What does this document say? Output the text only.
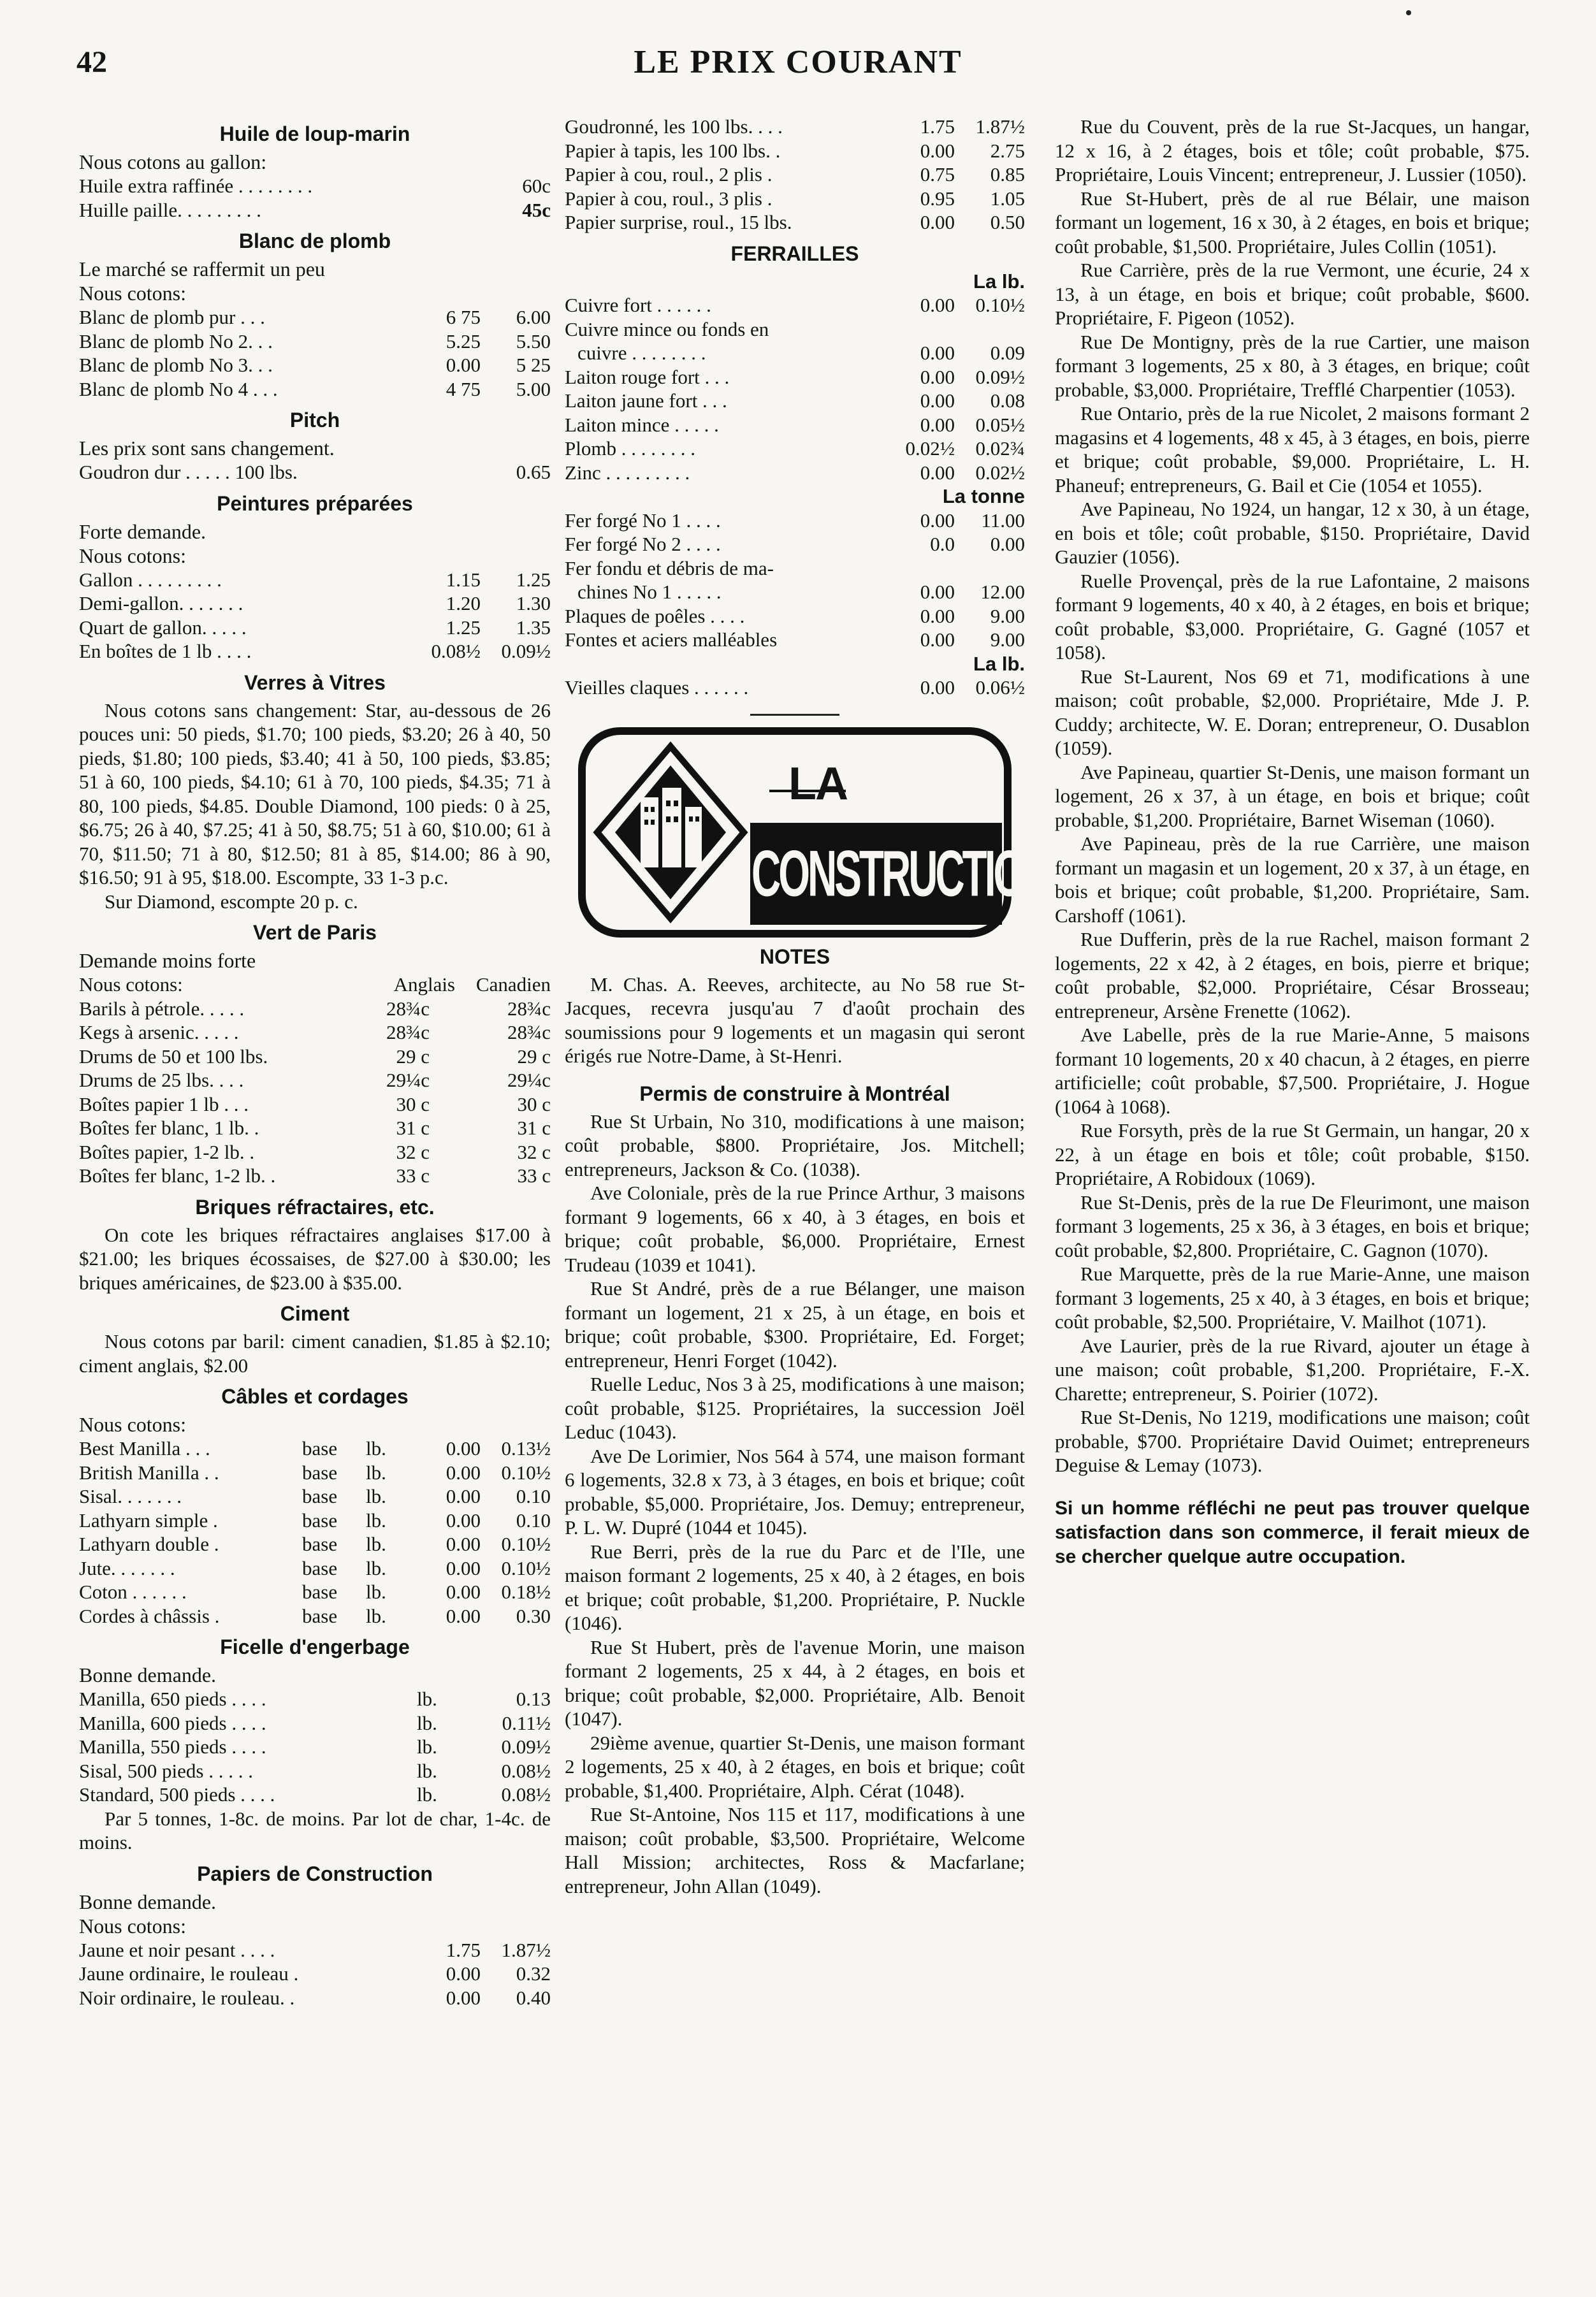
42	LE PRIX COURANT
Huile de loup-marin
Nous cotons au gallon:
Huile extra raffinée . . . . . . . .	60c
Huille paille. . . . . . . . .	45c
Blanc de plomb
Le marché se raffermit un peu
Nous cotons:
Blanc de plomb pur . . .	6 75	6.00
Blanc de plomb No 2. . .	5.25	5.50
Blanc de plomb No 3. . .	0.00	5 25
Blanc de plomb No 4 . . .	4 75	5.00
Pitch
Les prix sont sans changement.
Goudron dur . . . . . 100 lbs.	0.65
Peintures préparées
Forte demande.
Nous cotons:
Gallon . . . . . . . . .	1.15	1.25
Demi-gallon. . . . . . .	1.20	1.30
Quart de gallon. . . . .	1.25	1.35
En boîtes de 1 lb . . . .	0.08½	0.09½
Verres à Vitres

Nous cotons sans changement: Star, au-dessous de 26 pouces uni: 50 pieds, $1.70; 100 pieds, $3.20; 26 à 40, 50 pieds, $1.80; 100 pieds, $3.40; 41 à 50, 100 pieds, $3.85; 51 à 60, 100 pieds, $4.10; 61 à 70, 100 pieds, $4.35; 71 à 80, 100 pieds, $4.85. Double Diamond, 100 pieds: 0 à 25, $6.75; 26 à 40, $7.25; 41 à 50, $8.75; 51 à 60, $10.00; 61 à 70, $11.50; 71 à 80, $12.50; 81 à 85, $14.00; 86 à 90, $16.50; 91 à 95, $18.00. Escompte, 33 1-3 p.c.

Sur Diamond, escompte 20 p. c.

Vert de Paris
Demande moins forte
Nous cotons:	Anglais	Canadien
Barils à pétrole. . . . .	28¾c	28¾c
Kegs à arsenic. . . . .	28¾c	28¾c
Drums de 50 et 100 lbs.	29 c	29 c
Drums de 25 lbs. . . .	29¼c	29¼c
Boîtes papier 1 lb . . .	30 c	30 c
Boîtes fer blanc, 1 lb. .	31 c	31 c
Boîtes papier, 1-2 lb. .	32 c	32 c
Boîtes fer blanc, 1-2 lb. .	33 c	33 c
Briques réfractaires, etc.

On cote les briques réfractaires anglaises $17.00 à $21.00; les briques écossaises, de $27.00 à $30.00; les briques américaines, de $23.00 à $35.00.

Ciment

Nous cotons par baril: ciment canadien, $1.85 à $2.10; ciment anglais, $2.00

Câbles et cordages
Nous cotons:
Best Manilla . . .	base	lb.	0.00	0.13½
British Manilla . .	base	lb.	0.00	0.10½
Sisal. . . . . . .	base	lb.	0.00	0.10
Lathyarn simple .	base	lb.	0.00	0.10
Lathyarn double .	base	lb.	0.00	0.10½
Jute. . . . . . .	base	lb.	0.00	0.10½
Coton . . . . . .	base	lb.	0.00	0.18½
Cordes à châssis .	base	lb.	0.00	0.30
Ficelle d'engerbage
Bonne demande.
Manilla, 650 pieds . . . .	lb.	0.13
Manilla, 600 pieds . . . .	lb.	0.11½
Manilla, 550 pieds . . . .	lb.	0.09½
Sisal, 500 pieds . . . . .	lb.	0.08½
Standard, 500 pieds . . . .	lb.	0.08½

Par 5 tonnes, 1-8c. de moins. Par lot de char, 1-4c. de moins.

Papiers de Construction
Bonne demande.
Nous cotons:
Jaune et noir pesant . . . .	1.75	1.87½
Jaune ordinaire, le rouleau .	0.00	0.32
Noir ordinaire, le rouleau. .	0.00	0.40
Goudronné, les 100 lbs. . . .	1.75	1.87½
Papier à tapis, les 100 lbs. .	0.00	2.75
Papier à cou, roul., 2 plis .	0.75	0.85
Papier à cou, roul., 3 plis .	0.95	1.05
Papier surprise, roul., 15 lbs.	0.00	0.50
FERRAILLES
La lb.
Cuivre fort . . . . . .	0.00	0.10½
Cuivre mince ou fonds en
cuivre . . . . . . . .	0.00	0.09
Laiton rouge fort . . .	0.00	0.09½
Laiton jaune fort . . .	0.00	0.08
Laiton mince . . . . .	0.00	0.05½
Plomb . . . . . . . .	0.02½	0.02¾
Zinc . . . . . . . . .	0.00	0.02½
La tonne
Fer forgé No 1 . . . .	0.00	11.00
Fer forgé No 2 . . . .	0.0	0.00
Fer fondu et débris de ma-
chines No 1 . . . . .	0.00	12.00
Plaques de poêles . . . .	0.00	9.00
Fontes et aciers malléables	0.00	9.00
La lb.
Vieilles claques . . . . . .	0.00	0.06½
LA
CONSTRUCTION
NOTES

M. Chas. A. Reeves, architecte, au No 58 rue St-Jacques, recevra jusqu'au 7 d'août prochain des soumissions pour 9 logements et un magasin qui seront érigés rue Notre-Dame, à St-Henri.

Permis de construire à Montréal

Rue St Urbain, No 310, modifications à une maison; coût probable, $800. Propriétaire, Jos. Mitchell; entrepreneurs, Jackson & Co. (1038).

Ave Coloniale, près de la rue Prince Arthur, 3 maisons formant 9 logements, 66 x 40, à 3 étages, en bois et brique; coût probable, $6,000. Propriétaire, Ernest Trudeau (1039 et 1041).

Rue St André, près de a rue Bélanger, une maison formant un logement, 21 x 25, à un étage, en bois et brique; coût probable, $300. Propriétaire, Ed. Forget; entrepreneur, Henri Forget (1042).

Ruelle Leduc, Nos 3 à 25, modifications à une maison; coût probable, $125. Propriétaires, la succession Joël Leduc (1043).

Ave De Lorimier, Nos 564 à 574, une maison formant 6 logements, 32.8 x 73, à 3 étages, en bois et brique; coût probable, $5,000. Propriétaire, Jos. Demuy; entrepreneur, P. L. W. Dupré (1044 et 1045).

Rue Berri, près de la rue du Parc et de l'Ile, une maison formant 2 logements, 25 x 40, à 2 étages, en bois et brique; coût probable, $1,200. Propriétaire, P. Nuckle (1046).

Rue St Hubert, près de l'avenue Morin, une maison formant 2 logements, 25 x 44, à 2 étages, en bois et brique; coût probable, $2,000. Propriétaire, Alb. Benoit (1047).

29ième avenue, quartier St-Denis, une maison formant 2 logements, 25 x 40, à 2 étages, en bois et brique; coût probable, $1,400. Propriétaire, Alph. Cérat (1048).

Rue St-Antoine, Nos 115 et 117, modifications à une maison; coût probable, $3,500. Propriétaire, Welcome Hall Mission; architectes, Ross & Macfarlane; entrepreneur, John Allan (1049).

Rue du Couvent, près de la rue St-Jacques, un hangar, 12 x 16, à 2 étages, bois et tôle; coût probable, $75. Propriétaire, Louis Vincent; entrepreneur, J. Lussier (1050).

Rue St-Hubert, près de al rue Bélair, une maison formant un logement, 16 x 30, à 2 étages, en bois et brique; coût probable, $1,500. Propriétaire, Jules Collin (1051).

Rue Carrière, près de la rue Vermont, une écurie, 24 x 13, à un étage, en bois et brique; coût probable, $600. Propriétaire, F. Pigeon (1052).

Rue De Montigny, près de la rue Cartier, une maison formant 3 logements, 25 x 80, à 3 étages, en brique; coût probable, $3,000. Propriétaire, Trefflé Charpentier (1053).

Rue Ontario, près de la rue Nicolet, 2 maisons formant 2 magasins et 4 logements, 48 x 45, à 3 étages, en bois, pierre et brique; coût probable, $9,000. Propriétaire, L. H. Phaneuf; entrepreneurs, G. Bail et Cie (1054 et 1055).

Ave Papineau, No 1924, un hangar, 12 x 30, à un étage, en bois et tôle; coût probable, $150. Propriétaire, David Gauzier (1056).

Ruelle Provençal, près de la rue Lafontaine, 2 maisons formant 9 logements, 40 x 40, à 2 étages, en bois et brique; coût probable, $3,000. Propriétaire, G. Gagné (1057 et 1058).

Rue St-Laurent, Nos 69 et 71, modifications à une maison; coût probable, $2,000. Propriétaire, Mde J. P. Cuddy; architecte, W. E. Doran; entrepreneur, O. Dusablon (1059).

Ave Papineau, quartier St-Denis, une maison formant un logement, 26 x 37, à un étage, en bois et brique; coût probable, $1,200. Propriétaire, Barnet Wiseman (1060).

Ave Papineau, près de la rue Carrière, une maison formant un magasin et un logement, 20 x 37, à un étage, en bois et brique; coût probable, $1,200. Propriétaire, Sam. Carshoff (1061).

Rue Dufferin, près de la rue Rachel, maison formant 2 logements, 22 x 42, à 2 étages, en bois, pierre et brique; coût probable, $2,000. Propriétaire, César Brosseau; entrepreneur, Arsène Frenette (1062).

Ave Labelle, près de la rue Marie-Anne, 5 maisons formant 10 logements, 20 x 40 chacun, à 2 étages, en pierre artificielle; coût probable, $7,500. Propriétaire, J. Hogue (1064 à 1068).

Rue Forsyth, près de la rue St Germain, un hangar, 20 x 22, à un étage en bois et tôle; coût probable, $150. Propriétaire, A Robidoux (1069).

Rue St-Denis, près de la rue De Fleurimont, une maison formant 3 logements, 25 x 36, à 3 étages, en bois et brique; coût probable, $2,800. Propriétaire, C. Gagnon (1070).

Rue Marquette, près de la rue Marie-Anne, une maison formant 3 logements, 25 x 40, à 3 étages, en bois et brique; coût probable, $2,500. Propriétaire, V. Mailhot (1071).

Ave Laurier, près de la rue Rivard, ajouter un étage à une maison; coût probable, $1,200. Propriétaire, F.-X. Charette; entrepreneur, S. Poirier (1072).

Rue St-Denis, No 1219, modifications une maison; coût probable, $700. Propriétaire David Ouimet; entrepreneurs Deguise & Lemay (1073).

Si un homme réfléchi ne peut pas trouver quelque satisfaction dans son commerce, il ferait mieux de se chercher quelque autre occupation.
